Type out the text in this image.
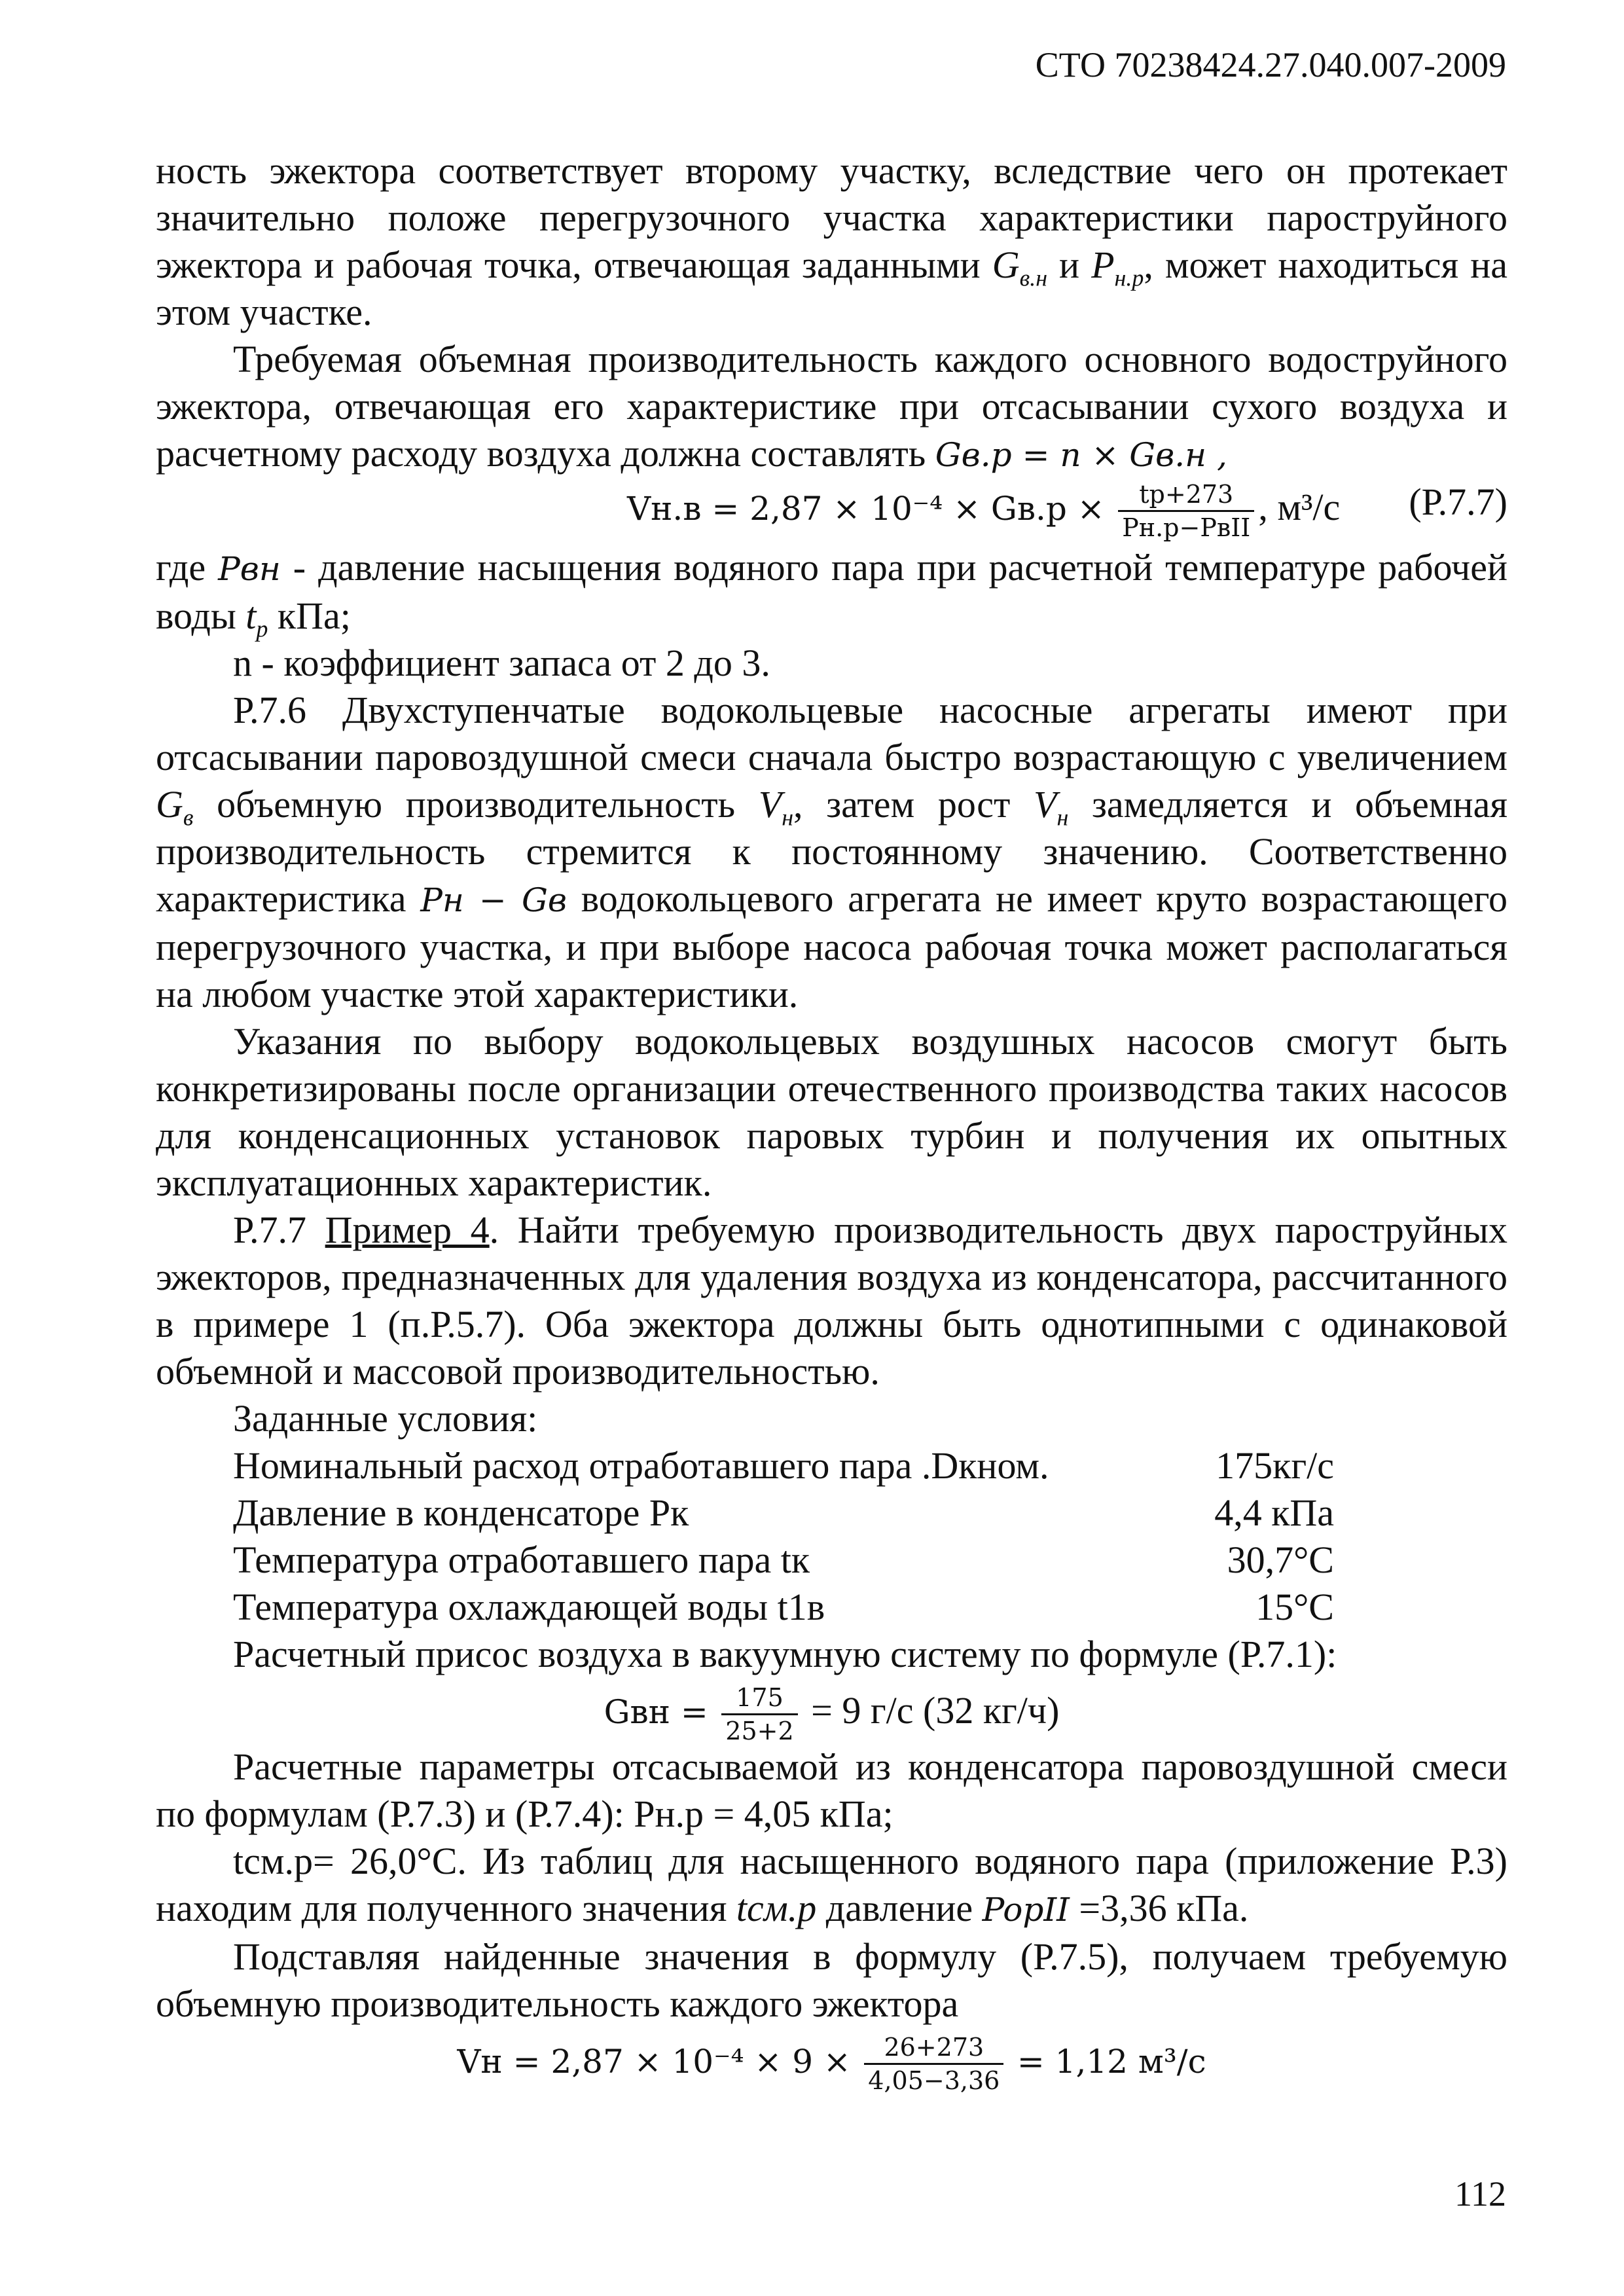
СТО 70238424.27.040.007-2009

ность эжектора соответствует второму участку, вследствие чего он протекает значительно положе перегрузочного участка характеристики пароструйного эжектора и рабочая точка, отвечающая заданными $G_{в.н}$ и $P_{н.р}$, может находиться на этом участке.

Требуемая объемная производительность каждого основного водоструйного эжектора, отвечающая его характеристике при отсасывании сухого воздуха и расчетному расходу воздуха должна составлять Gв.р = n × Gв.н ,

$Vн.в = 2,87 \times 10^{-4} \times Gв.р \times \frac{tр+273}{\text{Pн.р−PвII}}$ , м³/с (Р.7.7)

где Pвн - давление насыщения водяного пара при расчетной температуре рабочей воды $t_р$ кПа;

n - коэффициент запаса от 2 до 3.

Р.7.6 Двухступенчатые водокольцевые насосные агрегаты имеют при отсасывании паровоздушной смеси сначала быстро возрастающую с увеличением $G_в$ объемную производительность $V_н$, затем рост $V_н$ замедляется и объемная производительность стремится к постоянному значению. Соответственно характеристика Pн − Gв водокольцевого агрегата не имеет круто возрастающего перегрузочного участка, и при выборе насоса рабочая точка может располагаться на любом участке этой характеристики.

Указания по выбору водокольцевых воздушных насосов смогут быть конкретизированы после организации отечественного производства таких насосов для конденсационных установок паровых турбин и получения их опытных эксплуатационных характеристик.

Р.7.7 Пример 4. Найти требуемую производительность двух пароструйных эжекторов, предназначенных для удаления воздуха из конденсатора, рассчитанного в примере 1 (п.Р.5.7). Оба эжектора должны быть однотипными с одинаковой объемной и массовой производительностью.

Заданные условия:

Номинальный расход отработавшего пара .Dкном.	175кг/с
Давление в конденсаторе Pк	4,4 кПа
Температура отработавшего пара tк	30,7°С
Температура охлаждающей воды t1в	15°С

Расчетный присос воздуха в вакуумную систему по формуле (Р.7.1):

Gвн = $\frac{175}{25+2} = 9$ г/с (32 кг/ч)

Расчетные параметры отсасываемой из конденсатора паровоздушной смеси по формулам (Р.7.3) и (Р.7.4): Pн.р = 4,05 кПа;

tсм.р= 26,0°С. Из таблиц для насыщенного водяного пара (приложение Р.3) находим для полученного значения tсм.р давление PopII =3,36 кПа.

Подставляя найденные значения в формулу (Р.7.5), получаем требуемую объемную производительность каждого эжектора

Vн = $2,87 \times 10^{-4} \times 9 \times \frac{26+273}{4,05-3,36} = 1,12$ м³/с
112
